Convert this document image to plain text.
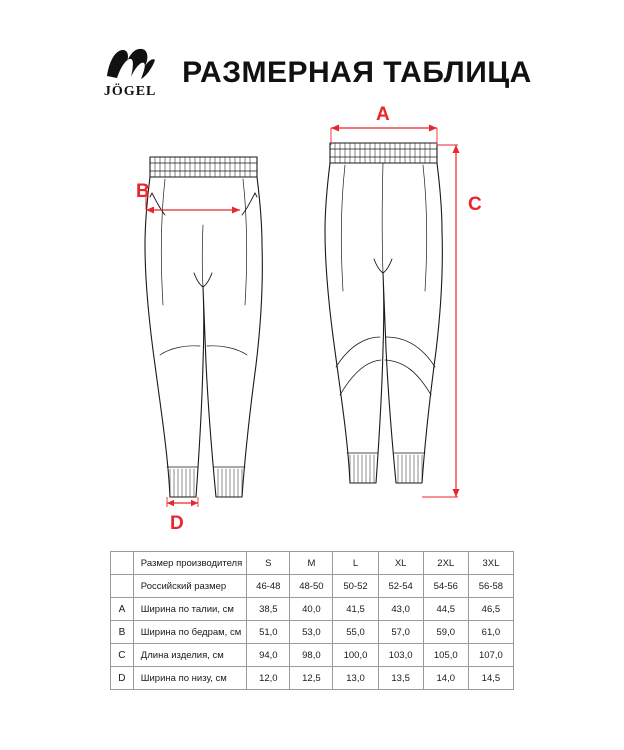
JÖGEL
РАЗМЕРНАЯ ТАБЛИЦА
B
D
A
C
	Размер производителя	S	M	L	XL	2XL	3XL
	Российский размер	46-48	48-50	50-52	52-54	54-56	56-58
A	Ширина по талии, см	38,5	40,0	41,5	43,0	44,5	46,5
B	Ширина по бедрам, см	51,0	53,0	55,0	57,0	59,0	61,0
C	Длина изделия, см	94,0	98,0	100,0	103,0	105,0	107,0
D	Ширина по низу, см	12,0	12,5	13,0	13,5	14,0	14,5
